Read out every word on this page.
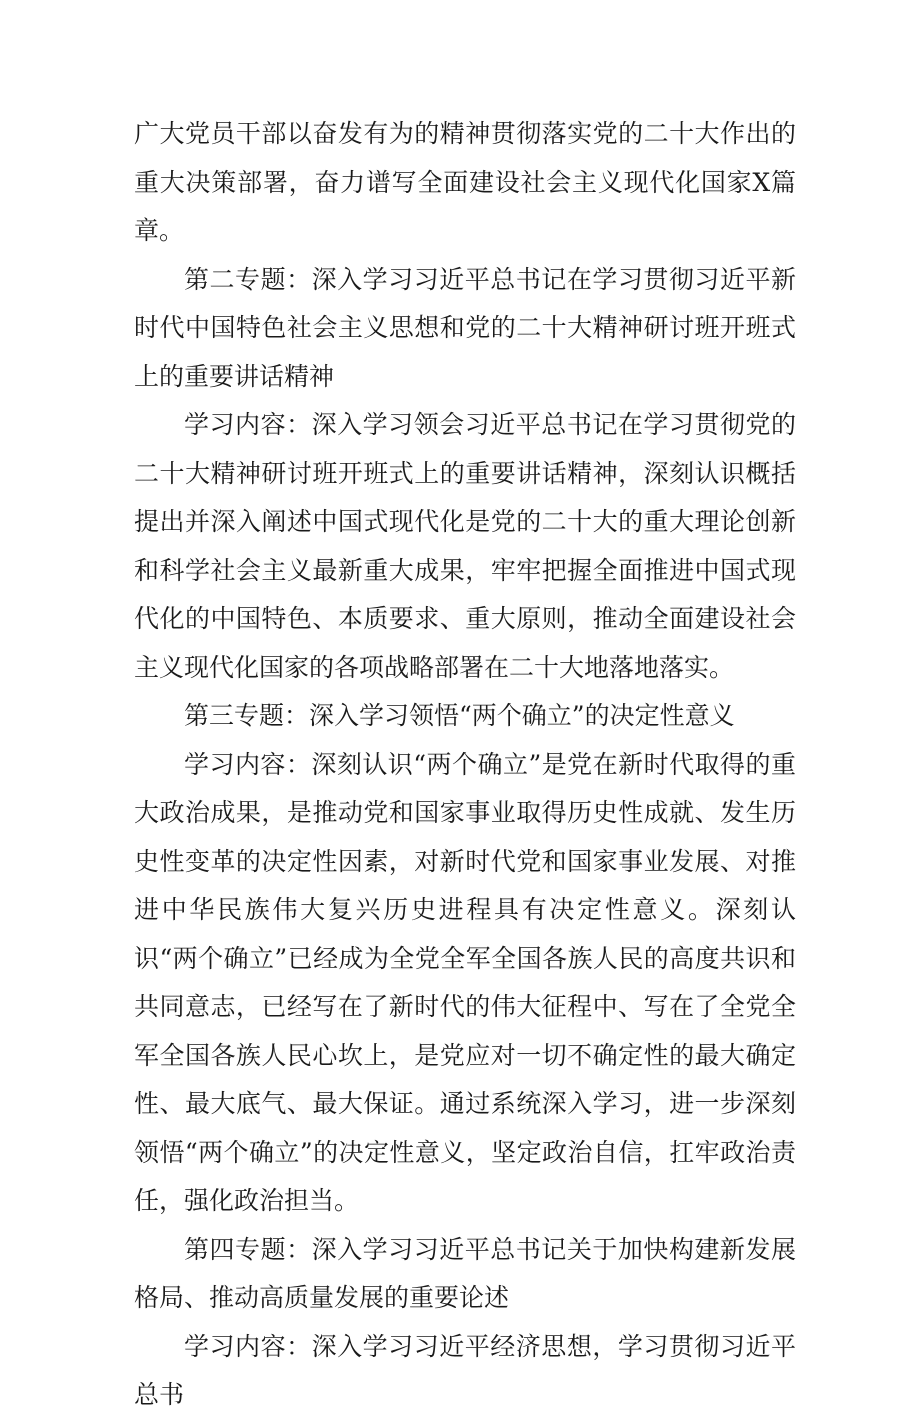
广大党员干部以奋发有为的精神贯彻落实党的二十大作出的重大决策部署，奋力谱写全面建设社会主义现代化国家X篇章。

第二专题：深入学习习近平总书记在学习贯彻习近平新时代中国特色社会主义思想和党的二十大精神研讨班开班式上的重要讲话精神

学习内容：深入学习领会习近平总书记在学习贯彻党的二十大精神研讨班开班式上的重要讲话精神，深刻认识概括提出并深入阐述中国式现代化是党的二十大的重大理论创新和科学社会主义最新重大成果，牢牢把握全面推进中国式现代化的中国特色、本质要求、重大原则，推动全面建设社会主义现代化国家的各项战略部署在二十大地落地落实。

第三专题：深入学习领悟“两个确立”的决定性意义

学习内容：深刻认识“两个确立”是党在新时代取得的重大政治成果，是推动党和国家事业取得历史性成就、发生历史性变革的决定性因素，对新时代党和国家事业发展、对推进中华民族伟大复兴历史进程具有决定性意义。深刻认识“两个确立”已经成为全党全军全国各族人民的高度共识和共同意志，已经写在了新时代的伟大征程中、写在了全党全军全国各族人民心坎上，是党应对一切不确定性的最大确定性、最大底气、最大保证。通过系统深入学习，进一步深刻领悟“两个确立”的决定性意义，坚定政治自信，扛牢政治责任，强化政治担当。

第四专题：深入学习习近平总书记关于加快构建新发展格局、推动高质量发展的重要论述

学习内容：深入学习习近平经济思想，学习贯彻习近平总书
